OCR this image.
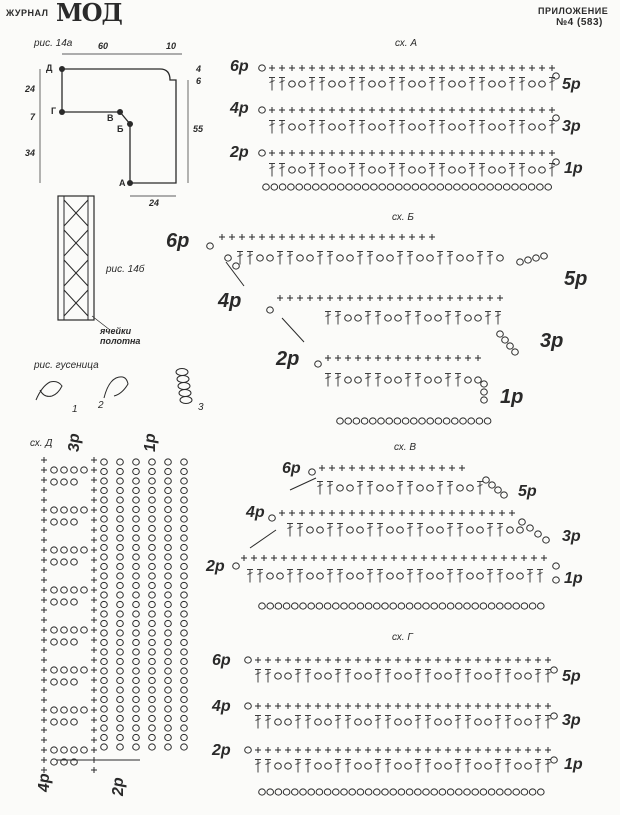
ЖУРНАЛ МОД	ПРИЛОЖЕНИЕ
№4 (583)
рис. 14а	60	10
4
6
24
7
34
55
24
Д
Г
В
Б
А
рис. 14б
ячейки
полотна
рис. гусеница
1 2	3
сх. А
6р
4р
2р
5р
3р
1р
сх. Б
6р
5р
4р
3р
2р
1р
сх. В
6р
5р
4р
3р
2р
1р
сх. Г
6р
4р
2р
5р
3р
1р
сх. Д 3р	1р
4р	2р
